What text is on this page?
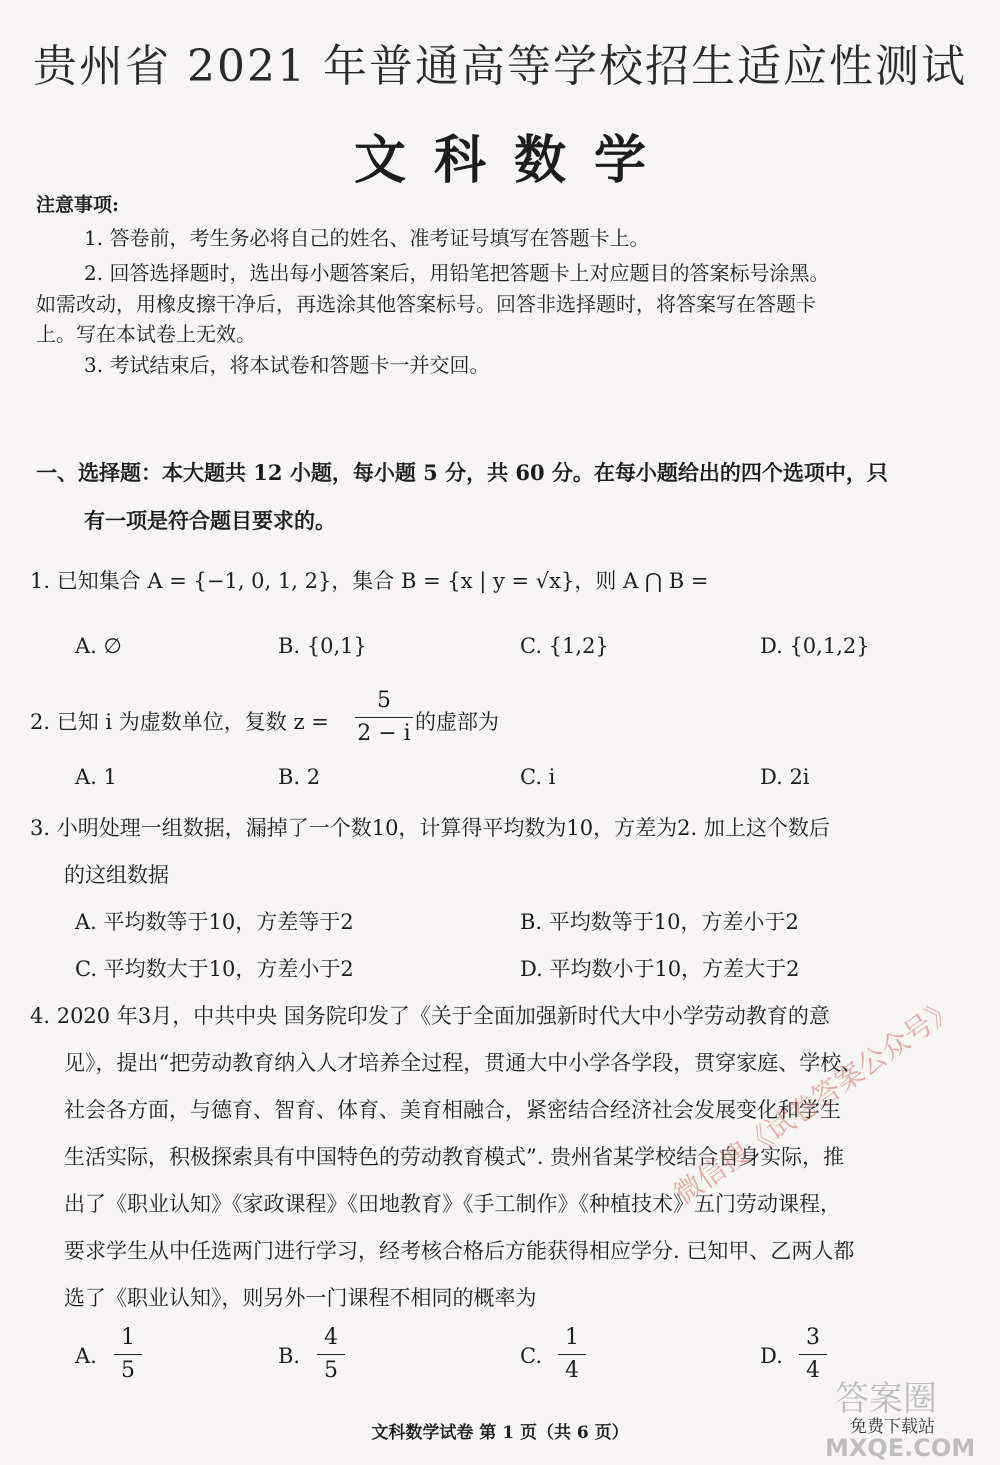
贵州省 2021 年普通高等学校招生适应性测试
文科数学
注意事项:
1. 答卷前，考生务必将自己的姓名、准考证号填写在答题卡上。
2. 回答选择题时，选出每小题答案后，用铅笔把答题卡上对应题目的答案标号涂黑。
如需改动，用橡皮擦干净后，再选涂其他答案标号。回答非选择题时，将答案写在答题卡
上。写在本试卷上无效。
3. 考试结束后，将本试卷和答题卡一并交回。
一、选择题：本大题共 12 小题，每小题 5 分，共 60 分。在每小题给出的四个选项中，只
有一项是符合题目要求的。
1. 已知集合 A = {−1, 0, 1, 2}，集合 B = {x | y = √x}，则 A ⋂ B =
A. ∅	B. {0,1}	C. {1,2}	D. {0,1,2}
2. 已知 i 为虚数单位，复数 z =
5
2 − i 的虚部为
A. 1	B. 2	C. i	D. 2i
3. 小明处理一组数据，漏掉了一个数10，计算得平均数为10，方差为2. 加上这个数后
的这组数据
A. 平均数等于10，方差等于2	B. 平均数等于10，方差小于2
C. 平均数大于10，方差小于2	D. 平均数小于10，方差大于2
4. 2020 年3月，中共中央 国务院印发了《关于全面加强新时代大中小学劳动教育的意
见》，提出“把劳动教育纳入人才培养全过程，贯通大中小学各学段，贯穿家庭、学校、
社会各方面，与德育、智育、体育、美育相融合，紧密结合经济社会发展变化和学生
生活实际，积极探索具有中国特色的劳动教育模式”. 贵州省某学校结合自身实际，推
出了《职业认知》《家政课程》《田地教育》《手工制作》《种植技术》五门劳动课程，
要求学生从中任选两门进行学习，经考核合格后方能获得相应学分. 已知甲、乙两人都
选了《职业认知》，则另外一门课程不相同的概率为
A.
1
5
B.
4
5
C.
1
4
D.
3
4
微信搜《试卷答案公众号》
答案圈
免费下载站
MXQE.COM
文科数学试卷 第 1 页（共 6 页）
